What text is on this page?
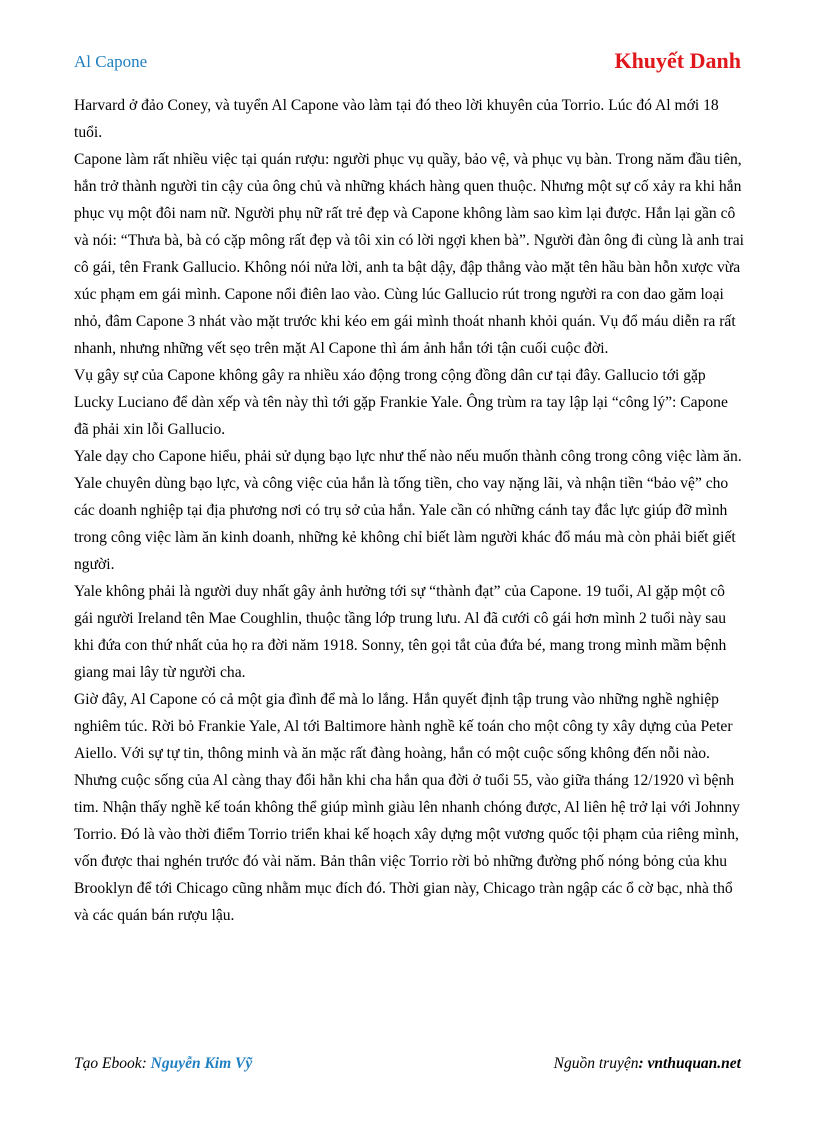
Al Capone	Khuyết Danh

Harvard ở đảo Coney, và tuyển Al Capone vào làm tại đó theo lời khuyên của Torrio. Lúc đó Al mới 18 tuổi.

Capone làm rất nhiều việc tại quán rượu: người phục vụ quầy, bảo vệ, và phục vụ bàn. Trong năm đầu tiên, hắn trở thành người tin cậy của ông chủ và những khách hàng quen thuộc. Nhưng một sự cố xảy ra khi hắn phục vụ một đôi nam nữ. Người phụ nữ rất trẻ đẹp và Capone không làm sao kìm lại được. Hắn lại gần cô và nói: “Thưa bà, bà có cặp mông rất đẹp và tôi xin có lời ngợi khen bà”. Người đàn ông đi cùng là anh trai cô gái, tên Frank Gallucio. Không nói nửa lời, anh ta bật dậy, đập thẳng vào mặt tên hầu bàn hỗn xược vừa xúc phạm em gái mình. Capone nổi điên lao vào. Cùng lúc Gallucio rút trong người ra con dao găm loại nhỏ, đâm Capone 3 nhát vào mặt trước khi kéo em gái mình thoát nhanh khỏi quán. Vụ đổ máu diễn ra rất nhanh, nhưng những vết sẹo trên mặt Al Capone thì ám ảnh hắn tới tận cuối cuộc đời.

Vụ gây sự của Capone không gây ra nhiều xáo động trong cộng đồng dân cư tại đây. Gallucio tới gặp Lucky Luciano để dàn xếp và tên này thì tới gặp Frankie Yale. Ông trùm ra tay lập lại “công lý”: Capone đã phải xin lỗi Gallucio.

Yale dạy cho Capone hiểu, phải sử dụng bạo lực như thế nào nếu muốn thành công trong công việc làm ăn. Yale chuyên dùng bạo lực, và công việc của hắn là tống tiền, cho vay nặng lãi, và nhận tiền “bảo vệ” cho các doanh nghiệp tại địa phương nơi có trụ sở của hắn. Yale cần có những cánh tay đắc lực giúp đỡ mình trong công việc làm ăn kinh doanh, những kẻ không chỉ biết làm người khác đổ máu mà còn phải biết giết người.

Yale không phải là người duy nhất gây ảnh hưởng tới sự “thành đạt” của Capone. 19 tuổi, Al gặp một cô gái người Ireland tên Mae Coughlin, thuộc tầng lớp trung lưu. Al đã cưới cô gái hơn mình 2 tuổi này sau khi đứa con thứ nhất của họ ra đời năm 1918. Sonny, tên gọi tắt của đứa bé, mang trong mình mầm bệnh giang mai lây từ người cha.

Giờ đây, Al Capone có cả một gia đình để mà lo lắng. Hắn quyết định tập trung vào những nghề nghiệp nghiêm túc. Rời bỏ Frankie Yale, Al tới Baltimore hành nghề kế toán cho một công ty xây dựng của Peter Aiello. Với sự tự tin, thông minh và ăn mặc rất đàng hoàng, hắn có một cuộc sống không đến nỗi nào.

Nhưng cuộc sống của Al càng thay đổi hẳn khi cha hắn qua đời ở tuổi 55, vào giữa tháng 12/1920 vì bệnh tim. Nhận thấy nghề kế toán không thể giúp mình giàu lên nhanh chóng được, Al liên hệ trở lại với Johnny Torrio. Đó là vào thời điểm Torrio triển khai kế hoạch xây dựng một vương quốc tội phạm của riêng mình, vốn được thai nghén trước đó vài năm. Bản thân việc Torrio rời bỏ những đường phố nóng bỏng của khu Brooklyn để tới Chicago cũng nhằm mục đích đó. Thời gian này, Chicago tràn ngập các ổ cờ bạc, nhà thổ và các quán bán rượu lậu.

Tạo Ebook: Nguyễn Kim Vỹ	Nguồn truyện: vnthuquan.net
